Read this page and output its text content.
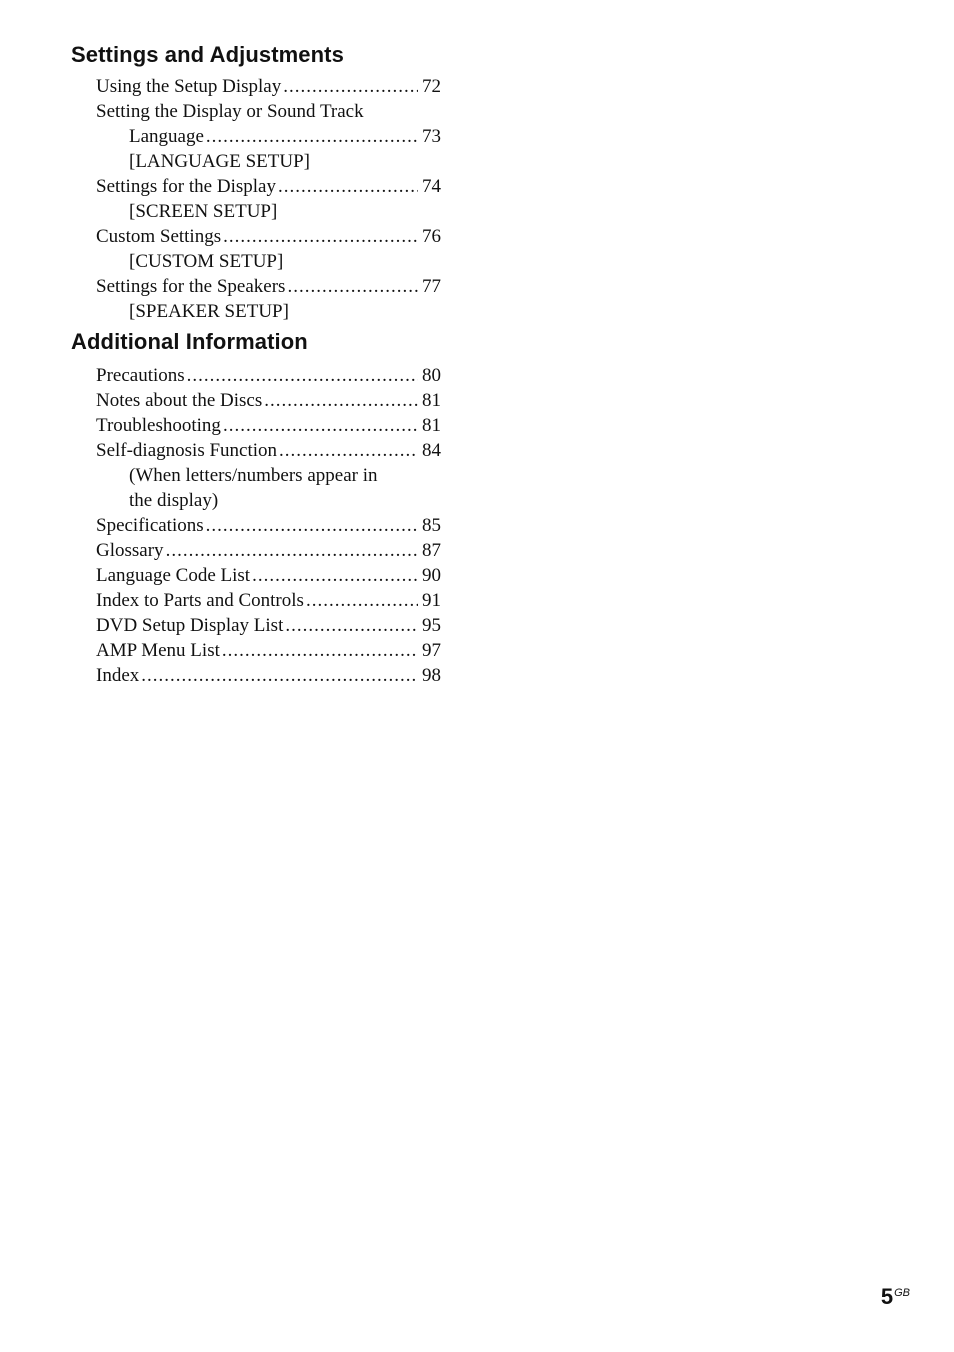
Settings and Adjustments
Using the Setup Display .....	72
Setting the Display or Sound Track
Language .....	73
[LANGUAGE SETUP]
Settings for the Display .....	74
[SCREEN SETUP]
Custom Settings .....	76
[CUSTOM SETUP]
Settings for the Speakers .....	77
[SPEAKER SETUP]
Additional Information
Precautions .....	80
Notes about the Discs .....	81
Troubleshooting .....	81
Self-diagnosis Function .....	84
(When letters/numbers appear in
the display)
Specifications .....	85
Glossary .....	87
Language Code List .....	90
Index to Parts and Controls .....	91
DVD Setup Display List .....	95
AMP Menu List .....	97
Index .....	98
$5^{GB}$
